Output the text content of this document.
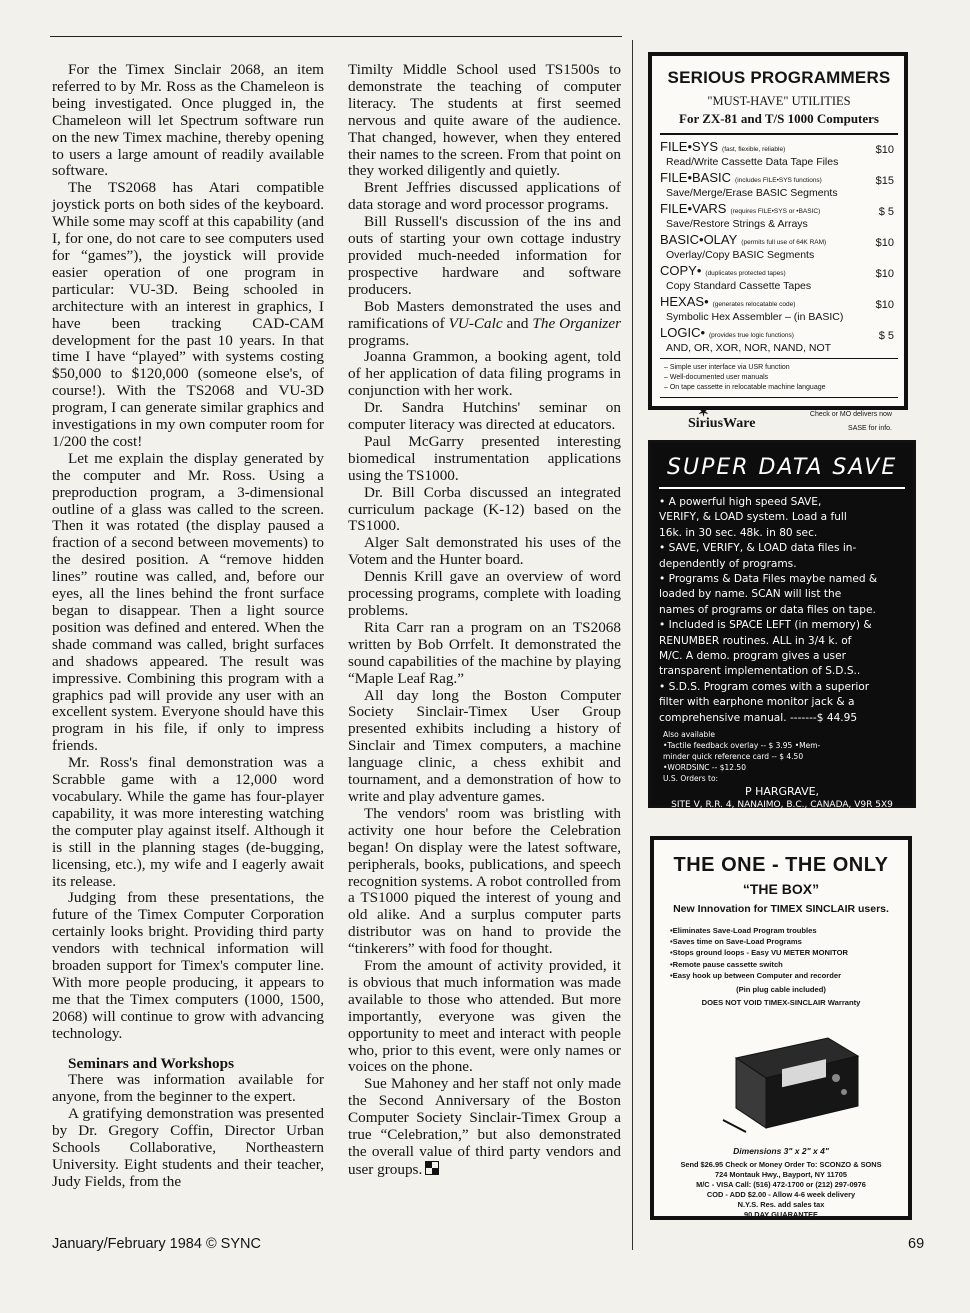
For the Timex Sinclair 2068, an item referred to by Mr. Ross as the Chameleon is being investigated. Once plugged in, the Chameleon will let Spectrum software run on the new Timex machine, thereby opening to users a large amount of readily available software.

The TS2068 has Atari compatible joystick ports on both sides of the keyboard. While some may scoff at this capability (and I, for one, do not care to see computers used for “games”), the joystick will provide easier operation of one program in particular: VU-3D. Being schooled in architecture with an interest in graphics, I have been tracking CAD-CAM development for the past 10 years. In that time I have “played” with systems costing $50,000 to $120,000 (someone else's, of course!). With the TS2068 and VU-3D program, I can generate similar graphics and investigations in my own computer room for 1/200 the cost!

Let me explain the display generated by the computer and Mr. Ross. Using a preproduction program, a 3-dimensional outline of a glass was called to the screen. Then it was rotated (the display paused a fraction of a second between movements) to the desired position. A “remove hidden lines” routine was called, and, before our eyes, all the lines behind the front surface began to disappear. Then a light source position was defined and entered. When the shade command was called, bright surfaces and shadows appeared. The result was impressive. Combining this program with a graphics pad will provide any user with an excellent system. Everyone should have this program in his file, if only to impress friends.

Mr. Ross's final demonstration was a Scrabble game with a 12,000 word vocabulary. While the game has four-player capability, it was more interesting watching the computer play against itself. Although it is still in the planning stages (de-bugging, licensing, etc.), my wife and I eagerly await its release.

Judging from these presentations, the future of the Timex Computer Corporation certainly looks bright. Providing third party vendors with technical information will broaden support for Timex's computer line. With more people producing, it appears to me that the Timex computers (1000, 1500, 2068) will continue to grow with advancing technology.

Seminars and Workshops

There was information available for anyone, from the beginner to the expert.

A gratifying demonstration was presented by Dr. Gregory Coffin, Director Urban Schools Collaborative, Northeastern University. Eight students and their teacher, Judy Fields, from the

Timilty Middle School used TS1500s to demonstrate the teaching of computer literacy. The students at first seemed nervous and quite aware of the audience. That changed, however, when they entered their names to the screen. From that point on they worked diligently and quietly.

Brent Jeffries discussed applications of data storage and word processor programs.

Bill Russell's discussion of the ins and outs of starting your own cottage industry provided much-needed information for prospective hardware and software producers.

Bob Masters demonstrated the uses and ramifications of VU-Calc and The Organizer programs.

Joanna Grammon, a booking agent, told of her application of data filing programs in conjunction with her work.

Dr. Sandra Hutchins' seminar on computer literacy was directed at educators.

Paul McGarry presented interesting biomedical instrumentation applications using the TS1000.

Dr. Bill Corba discussed an integrated curriculum package (K-12) based on the TS1000.

Alger Salt demonstrated his uses of the Votem and the Hunter board.

Dennis Krill gave an overview of word processing programs, complete with loading problems.

Rita Carr ran a program on an TS2068 written by Bob Orrfelt. It demonstrated the sound capabilities of the machine by playing “Maple Leaf Rag.”

All day long the Boston Computer Society Sinclair-Timex User Group presented exhibits including a history of Sinclair and Timex computers, a machine language clinic, a chess exhibit and tournament, and a demonstration of how to write and play adventure games.

The vendors' room was bristling with activity one hour before the Celebration began! On display were the latest software, peripherals, books, publications, and speech recognition systems. A robot controlled from a TS1000 piqued the interest of young and old alike. And a surplus computer parts distributor was on hand to provide the “tinkerers” with food for thought.

From the amount of activity provided, it is obvious that much information was made available to those who attended. But more importantly, everyone was given the opportunity to meet and interact with people who, prior to this event, were only names or voices on the phone.

Sue Mahoney and her staff not only made the Second Anniversary of the Boston Computer Society Sinclair-Timex Group a true “Celebration,” but also demonstrated the overall value of third party vendors and user groups.

SERIOUS PROGRAMMERS
"MUST-HAVE" UTILITIES
For ZX-81 and T/S 1000 Computers
FILE•SYS (fast, flexible, reliable)	$10
Read/Write Cassette Data Tape Files
FILE•BASIC (includes FILE•SYS functions)	$15
Save/Merge/Erase BASIC Segments
FILE•VARS (requires FILE•SYS or •BASIC)	$ 5
Save/Restore Strings & Arrays
BASIC•OLAY (permits full use of 64K RAM)	$10
Overlay/Copy BASIC Segments
COPY• (duplicates protected tapes)	$10
Copy Standard Cassette Tapes
HEXAS• (generates relocatable code)	$10
Symbolic Hex Assembler – (in BASIC)
LOGIC• (provides true logic functions)	$ 5
AND, OR, XOR, NOR, NAND, NOT
– Simple user interface via USR function
– Well-documented user manuals
– On tape cassette in relocatable machine language
✶
SiriusWare
Check or MO delivers now
SASE for info.
SUPER DATA SAVE
• A powerful high speed SAVE,
VERIFY, & LOAD system. Load a full
16k. in 30 sec. 48k. in 80 sec.
• SAVE, VERIFY, & LOAD data files in-
dependently of programs.
• Programs & Data Files maybe named &
loaded by name. SCAN will list the
names of programs or data files on tape.
• Included is SPACE LEFT (in memory) &
RENUMBER routines. ALL in 3/4 k. of
M/C. A demo. program gives a user
transparent implementation of S.D.S..
• S.D.S. Program comes with a superior
filter with earphone monitor jack & a
comprehensive manual. -------$ 44.95
Also available
•Tactile feedback overlay -- $ 3.95 •Mem-
minder quick reference card -- $ 4.50
•WORDSINC -- $12.50
U.S. Orders to:
P HARGRAVE,
SITE V, R.R. 4, NANAIMO, B.C., CANADA, V9R 5X9
THE ONE - THE ONLY
“THE BOX”
New Innovation for TIMEX SINCLAIR users.
•Eliminates Save-Load Program troubles
•Saves time on Save-Load Programs
•Stops ground loops - Easy VU METER MONITOR
•Remote pause cassette switch
•Easy hook up between Computer and recorder
(Pin plug cable included)
DOES NOT VOID TIMEX-SINCLAIR Warranty
Dimensions 3" x 2" x 4"
Send $26.95 Check or Money Order To: SCONZO & SONS
724 Montauk Hwy., Bayport, NY 11705
M/C - VISA Call: (516) 472-1700 or (212) 297-0976
COD - ADD $2.00 - Allow 4-6 week delivery
N.Y.S. Res. add sales tax
90 DAY GUARANTEE
January/February 1984 © SYNC	69
